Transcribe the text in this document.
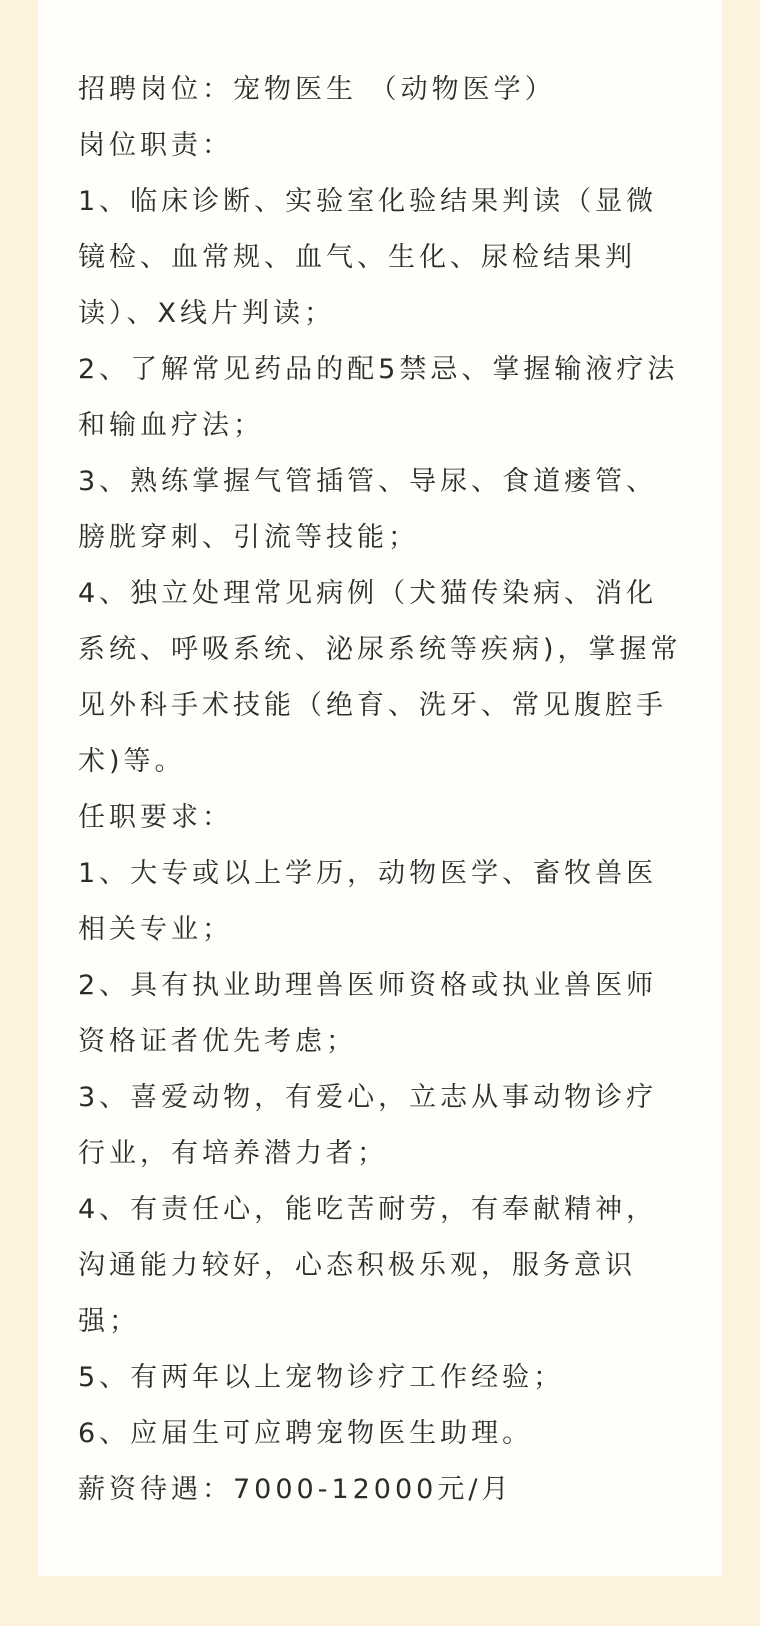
招聘岗位：宠物医生 （动物医学）

岗位职责：

1、临床诊断、实验室化验结果判读（显微镜检、血常规、血气、生化、尿检结果判读）、X线片判读；

2、了解常见药品的配5禁忌、掌握输液疗法和输血疗法；

3、熟练掌握气管插管、导尿、食道瘘管、膀胱穿刺、引流等技能；

4、独立处理常见病例（犬猫传染病、消化系统、呼吸系统、泌尿系统等疾病)，掌握常见外科手术技能（绝育、洗牙、常见腹腔手 术)等。

任职要求：

1、大专或以上学历，动物医学、畜牧兽医相关专业；

2、具有执业助理兽医师资格或执业兽医师资格证者优先考虑；

3、喜爱动物，有爱心，立志从事动物诊疗行业，有培养潜力者；

4、有责任心，能吃苦耐劳，有奉献精神，沟通能力较好，心态积极乐观，服务意识强；

5、有两年以上宠物诊疗工作经验；

6、应届生可应聘宠物医生助理。

薪资待遇：7000-12000元/月
